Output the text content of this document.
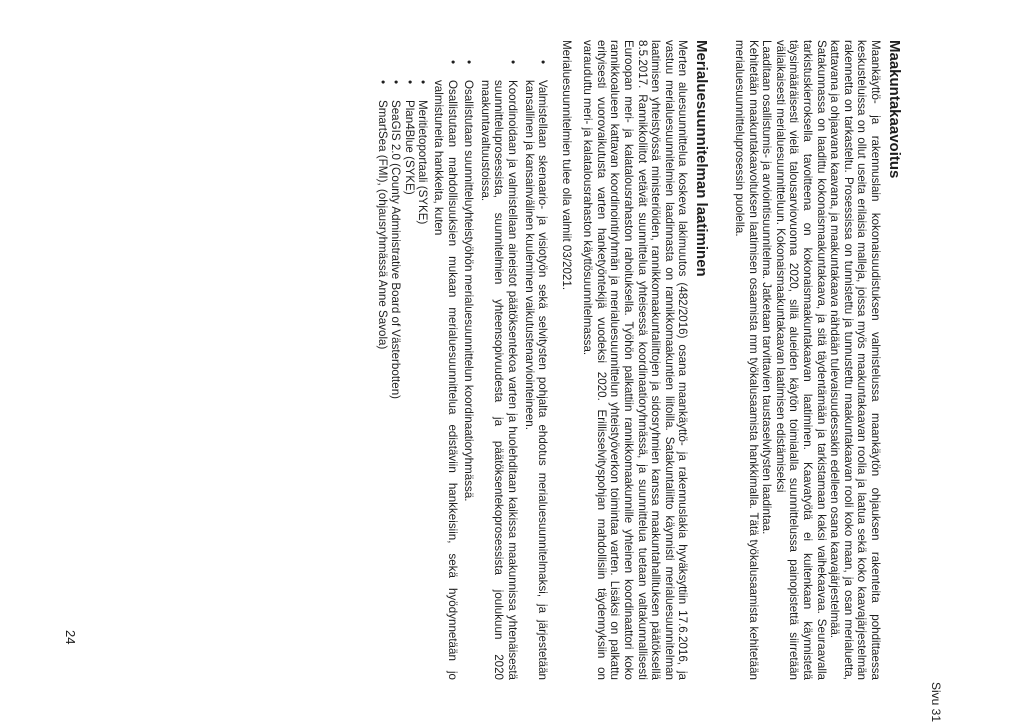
Sivu 31
24
Maakuntakaavoitus

Maankäyttö- ja rakennuslain kokonaisuudistuksen valmistelussa maankäytön ohjauksen rakenteita pohdittaessa keskusteluissa on ollut useita erilaisia malleja, joissa myös maakuntakaavan roolia ja laatua sekä koko kaavajärjestelmän rakennetta on tarkasteltu. Prosessissa on tunnistettu ja tunnustettu maakuntakaavan rooli koko maan, ja osan merialuetta, kattavana ja ohjaavana kaavana, ja maakuntakaava nähdään tulevaisuudessakin edelleen osana kaavajärjestelmää.

Satakunnassa on laadittu kokonaismaakuntakaava, ja sitä täydentämään ja tarkistamaan kaksi vaihekaavaa. Seuraavalla tarkistuskierroksella tavoitteena on kokonaismaakuntakaavan laatiminen. Kaavatyötä ei kuitenkaan käynnistetä täysimääräisesti vielä talousarviovuonna 2020, sillä alueiden käytön toimialalla suunnittelussa painopistettä siirretään väliaikaisesti merialuesuunnitteluun. Kokonaismaakuntakaavan laatimisen edistämiseksi

Laaditaan osallistumis- ja arviointisuunnitelma. Jatketaan tarvittavien taustaselvitysten laadintaa.

Kehitetään maakuntakaavoituksen laatimisen osaamista mm työkalusaamista hankkimalla. Tätä työkalusaamista kehitetään merialuesuunnitteluprosessin puolella.

Merialuesuunnitelman laatiminen

Merten aluesuunnittelua koskeva lakimuutos (482/2016) osana maankäyttö- ja rakennuslakia hyväksyttiin 17.6.2016, ja vastuu merialuesuunnitelmien laadinnasta on rannikkomaakuntien liitoilla. Satakuntaliitto käynnisti merialuesuunnitelman laatimisen yhteistyössä ministeriöiden, rannikkomaakuntaliittojen ja sidosryhmien kanssa maakuntahallituksen päätöksellä 8.5.2017. Rannikkoliitot vetävät suunnittelua yhteisessä koordinaatioryhmässä, ja suunnittelua tuetaan valtakunnallisesti Euroopan meri- ja kalatalousrahaston rahoituksella. Työhön palkattiin rannikkomaakunnille yhteinen koordinaattori koko rannikkoalueen kattavan koordinointiryhmän ja merialuesuunnittelun yhteistyöverkon toimintaa varten. Lisäksi on palkattu erityisesti vuorovaikutusta varten hanketyöntekijä vuodeksi 2020. Erillisselvityspohjan mahdollisiin täydennyksiin on varauduttu meri- ja kalatalousrahaston käyttösuunnitelmassa.

Merialuesuunnitelmien tulee olla valmiit 03/2021.

• Valmistellaan skenaario- ja visiotyön sekä selvitysten pohjalta ehdotus merialuesuunnitelmaksi, ja järjestetään kansallinen ja kansainvälinen kuuleminen vaikutustenarviointeineen.
• Koordinoidaan ja valmistellaan aineistot päätöksentekoa varten ja huolehditaan kaikissa maakunnissa yhtenäisestä suunnitteluprosessista, suunnitelmien yhteensopivuudesta ja päätöksentekoprosessista joulukuun 2020 maakuntavaltuustoissa.
• Osallistutaan suunnitteluyhteistyöhön merialuesuunnittelun koordinaatioryhmässä.
• Osallistutaan mahdollisuuksien mukaan merialuesuunnittelua edistäviin hankkeisiin, sekä hyödynnetään jo valmistuneita hankkeita, kuten
• Meritietoportaali (SYKE)
• Plan4Blue (SYKE)
• SeaGIS 2.0 (County Administrative Board of Västerbotten)
• SmartSea (FMI), (ohjausryhmässä Anne Savola)
